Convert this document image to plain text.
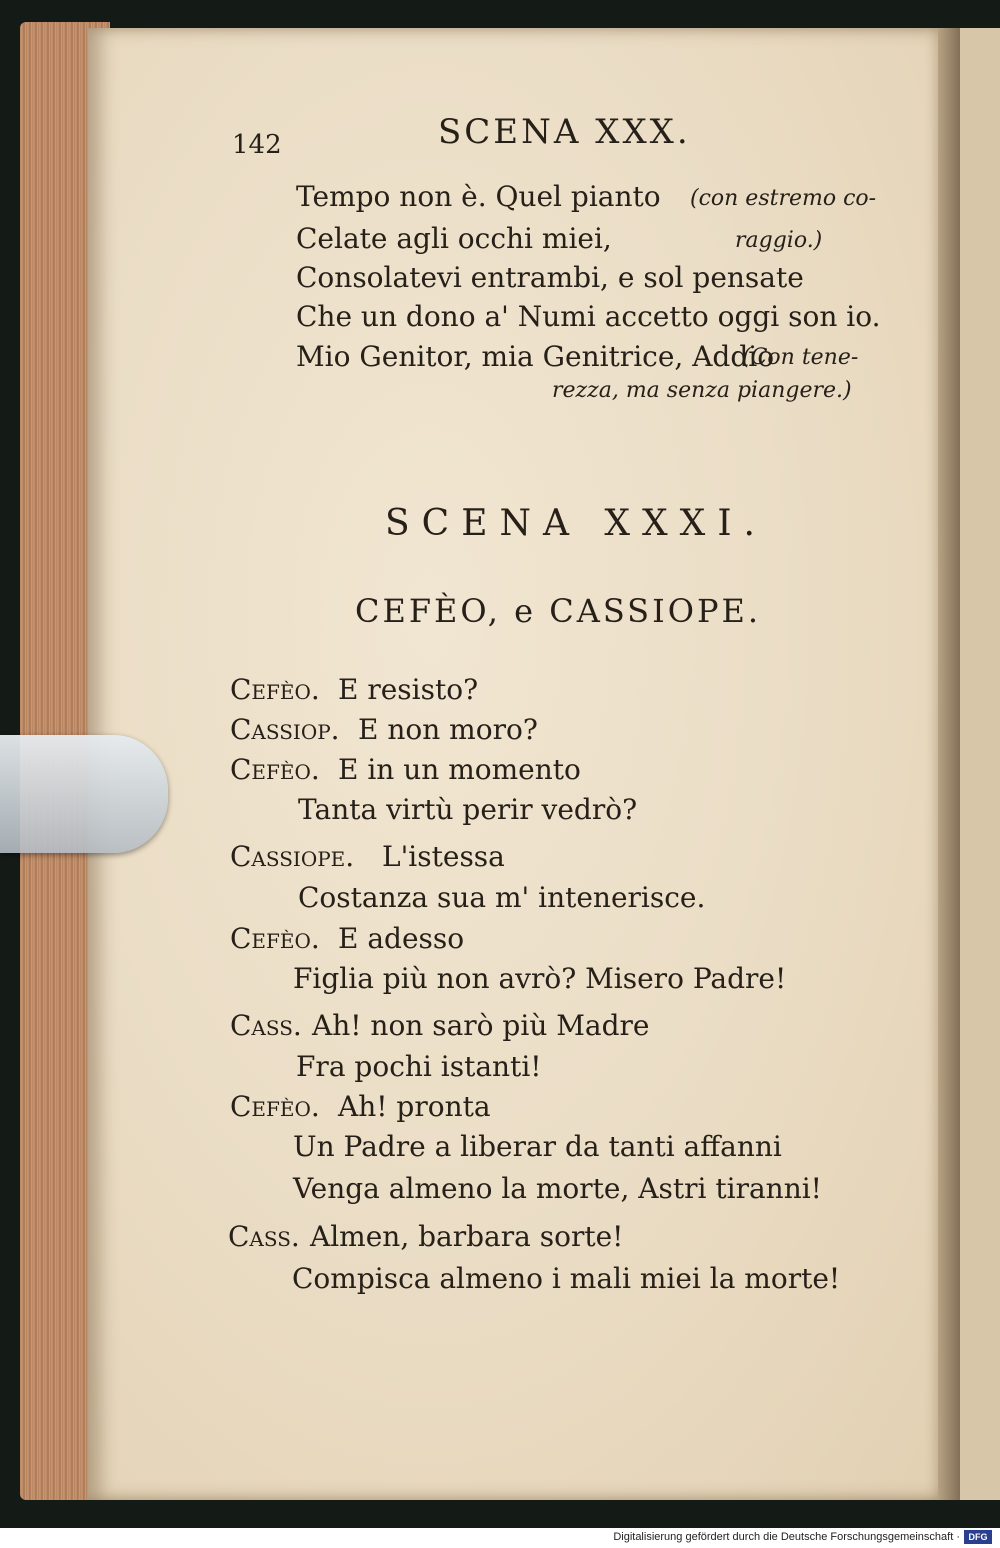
142	SCENA XXX.
Tempo non è. Quel pianto (con estremo co-
Celate agli occhi miei,	raggio.)
Consolatevi entrambi, e sol pensate
Che un dono a' Numi accetto oggi son io.
Mio Genitor, mia Genitrice, Addio
(Con tene-
rezza, ma senza piangere.)
SCENA XXXI.
CEFÈO, e CASSIOPE.
Cefèo. E resisto?
Cassiop. E non moro?
Cefèo. E in un momento
Tanta virtù perir vedrò?
Cassiope. L'istessa
Costanza sua m' intenerisce.
Cefèo. E adesso
Figlia più non avrò? Misero Padre!
Cass. Ah! non sarò più Madre
Fra pochi istanti!
Cefèo. Ah! pronta
Un Padre a liberar da tanti affanni
Venga almeno la morte, Astri tiranni!
Cass. Almen, barbara sorte!
Compisca almeno i mali miei la morte!
Digitalisierung gefördert durch die Deutsche Forschungsgemeinschaft · DFG
